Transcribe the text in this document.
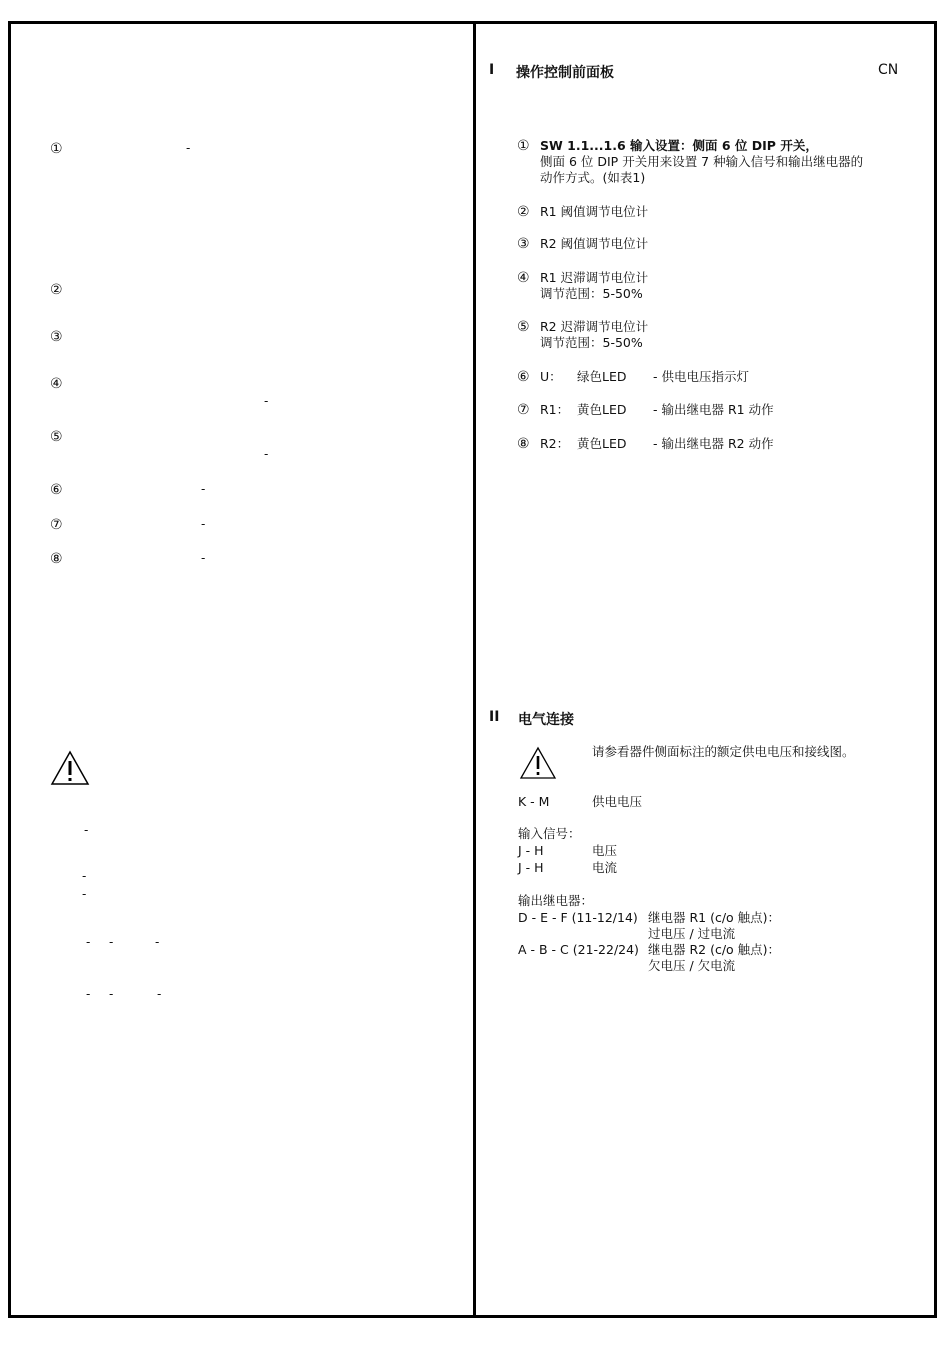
①	-
②
③
④
-
⑤
-
⑥	-
⑦	-
⑧	-
-
-
-
- -	-
- -	-
I 操作控制前面板	CN
① SW 1.1...1.6 输入设置：侧面 6 位 DIP 开关，
侧面 6 位 DIP 开关用来设置 7 种输入信号和输出继电器的
动作方式。(如表1)
② R1 阈值调节电位计
③ R2 阈值调节电位计
④ R1 迟滞调节电位计
调节范围：5-50%
⑤ R2 迟滞调节电位计
调节范围：5-50%
⑥ U： 绿色LED - 供电电压指示灯
⑦ R1： 黄色LED - 输出继电器 R1 动作
⑧ R2： 黄色LED - 输出继电器 R2 动作
II 电气连接
请参看器件侧面标注的额定供电电压和接线图。
K - M	供电电压
输入信号：
J - H	电压
J - H	电流
输出继电器：
D - E - F (11-12/14) 继电器 R1 (c/o 触点)：
过电压 / 过电流
A - B - C (21-22/24) 继电器 R2 (c/o 触点)：
欠电压 / 欠电流
